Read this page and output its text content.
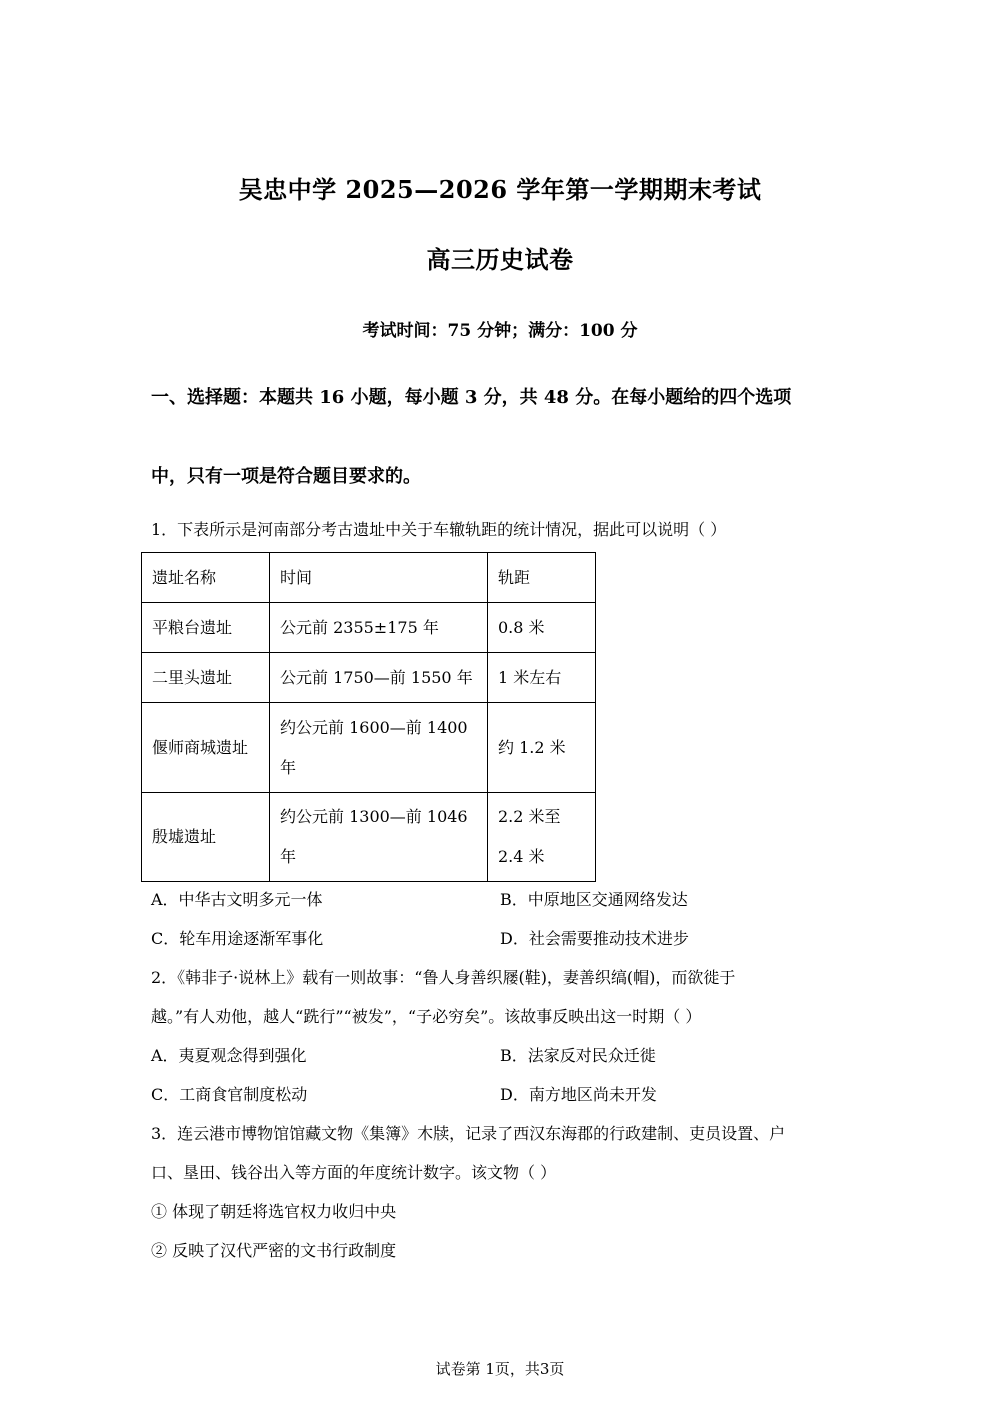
吴忠中学 2025—2026 学年第一学期期末考试
高三历史试卷
考试时间：75 分钟；满分：100 分
一、选择题：本题共 16 小题，每小题 3 分，共 48 分。在每小题给的四个选项
中，只有一项是符合题目要求的。
1．下表所示是河南部分考古遗址中关于车辙轨距的统计情况，据此可以说明（ ）
遗址名称	时间	轨距
平粮台遗址	公元前 2355±175 年	0.8 米
二里头遗址	公元前 1750—前 1550 年	1 米左右
偃师商城遗址	约公元前 1600—前 1400 年	约 1.2 米
殷墟遗址	约公元前 1300—前 1046 年	2.2 米至 2.4 米
A．中华古文明多元一体	B．中原地区交通网络发达
C．轮车用途逐渐军事化	D．社会需要推动技术进步
2．《韩非子·说林上》载有一则故事：“鲁人身善织屦(鞋)，妻善织缟(帽)，而欲徙于
越。”有人劝他，越人“跣行”“被发”，“子必穷矣”。该故事反映出这一时期（ ）
A．夷夏观念得到强化	B．法家反对民众迁徙
C．工商食官制度松动	D．南方地区尚未开发
3．连云港市博物馆馆藏文物《集簿》木牍，记录了西汉东海郡的行政建制、吏员设置、户
口、垦田、钱谷出入等方面的年度统计数字。该文物（ ）
① 体现了朝廷将选官权力收归中央
② 反映了汉代严密的文书行政制度
试卷第 1页，共3页
